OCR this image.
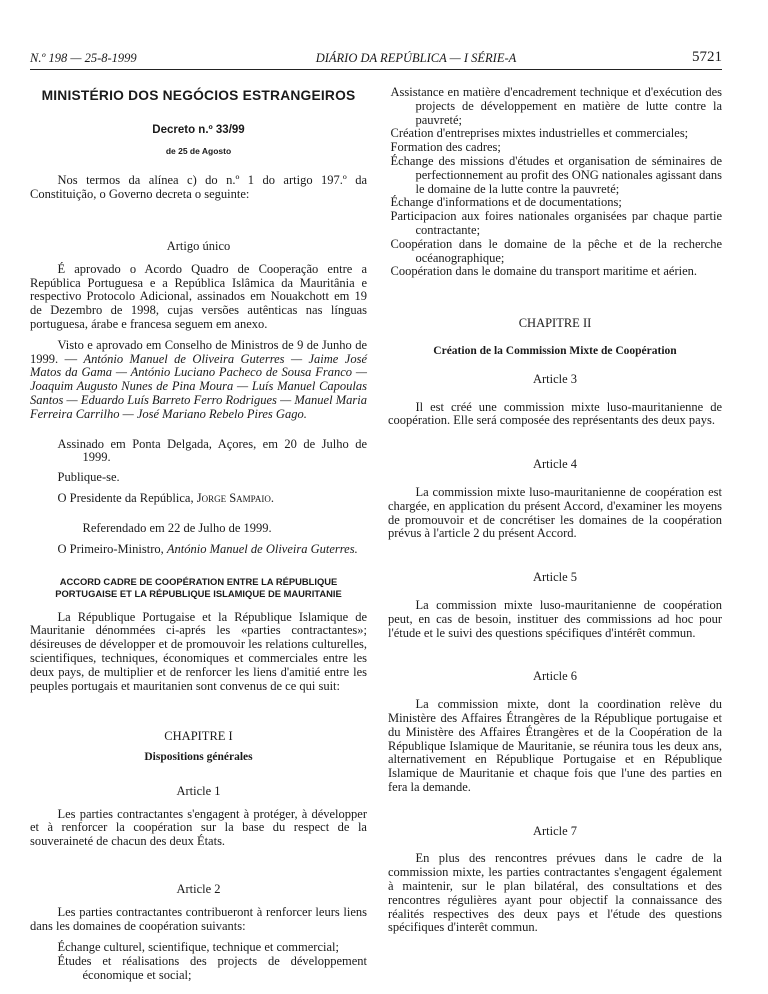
N.º 198 — 25-8-1999	DIÁRIO DA REPÚBLICA — I SÉRIE-A	5721
MINISTÉRIO DOS NEGÓCIOS ESTRANGEIROS
Decreto n.º 33/99
de 25 de Agosto

Nos termos da alínea c) do n.º 1 do artigo 197.º da Constituição, o Governo decreta o seguinte:

Artigo único

É aprovado o Acordo Quadro de Cooperação entre a República Portuguesa e a República Islâmica da Mauritânia e respectivo Protocolo Adicional, assinados em Nouakchott em 19 de Dezembro de 1998, cujas versões autênticas nas línguas portuguesa, árabe e francesa seguem em anexo.

Visto e aprovado em Conselho de Ministros de 9 de Junho de 1999. — António Manuel de Oliveira Guterres — Jaime José Matos da Gama — António Luciano Pacheco de Sousa Franco — Joaquim Augusto Nunes de Pina Moura — Luís Manuel Capoulas Santos — Eduardo Luís Barreto Ferro Rodrigues — Manuel Maria Ferreira Carrilho — José Mariano Rebelo Pires Gago.

Assinado em Ponta Delgada, Açores, em 20 de Julho de 1999.

Publique-se.

O Presidente da República, Jorge Sampaio.

Referendado em 22 de Julho de 1999.

O Primeiro-Ministro, António Manuel de Oliveira Guterres.

ACCORD CADRE DE COOPÉRATION ENTRE LA RÉPUBLIQUE PORTUGAISE ET LA RÉPUBLIQUE ISLAMIQUE DE MAURITANIE

La République Portugaise et la République Islamique de Mauritanie dénommées ci-aprés les «parties contractantes»; désireuses de développer et de promouvoir les relations culturelles, scientifiques, techniques, économiques et commerciales entre les deux pays, de multiplier et de renforcer les liens d'amitié entre les peuples portugais et mauritanien sont convenus de ce qui suit:

CHAPITRE I

Dispositions générales

Article 1

Les parties contractantes s'engagent à protéger, à développer et à renforcer la coopération sur la base du respect de la souveraineté de chacun des deux États.

Article 2

Les parties contractantes contribueront à renforcer leurs liens dans les domaines de coopération suivants:

Échange culturel, scientifique, technique et commercial;

Études et réalisations des projects de développement économique et social;

Assistance en matière d'encadrement technique et d'exécution des projects de développement en matière de lutte contre la pauvreté;

Création d'entreprises mixtes industrielles et commerciales;

Formation des cadres;

Échange des missions d'études et organisation de séminaires de perfectionnement au profit des ONG nationales agissant dans le domaine de la lutte contre la pauvreté;

Échange d'informations et de documentations;

Participacion aux foires nationales organisées par chaque partie contractante;

Coopération dans le domaine de la pêche et de la recherche océanographique;

Coopération dans le domaine du transport maritime et aérien.

CHAPITRE II

Création de la Commission Mixte de Coopération

Article 3

Il est créé une commission mixte luso-mauritanienne de coopération. Elle será composée des représentants des deux pays.

Article 4

La commission mixte luso-mauritanienne de coopération est chargée, en application du présent Accord, d'examiner les moyens de promouvoir et de concrétiser les domaines de la coopération prévus à l'article 2 du présent Accord.

Article 5

La commission mixte luso-mauritanienne de coopération peut, en cas de besoin, instituer des commissions ad hoc pour l'étude et le suivi des questions spécifiques d'intérêt commun.

Article 6

La commission mixte, dont la coordination relève du Ministère des Affaires Étrangères de la République portugaise et du Ministère des Affaires Étrangères et de la Coopération de la République Islamique de Mauritanie, se réunira tous les deux ans, alternativement en République Portugaise et en République Islamique de Mauritanie et chaque fois que l'une des parties en fera la demande.

Article 7

En plus des rencontres prévues dans le cadre de la commission mixte, les parties contractantes s'engagent également à maintenir, sur le plan bilatéral, des consultations et des rencontres régulières ayant pour objectif la connaissance des réalités respectives des deux pays et l'étude des questions spécifiques d'interêt commun.
